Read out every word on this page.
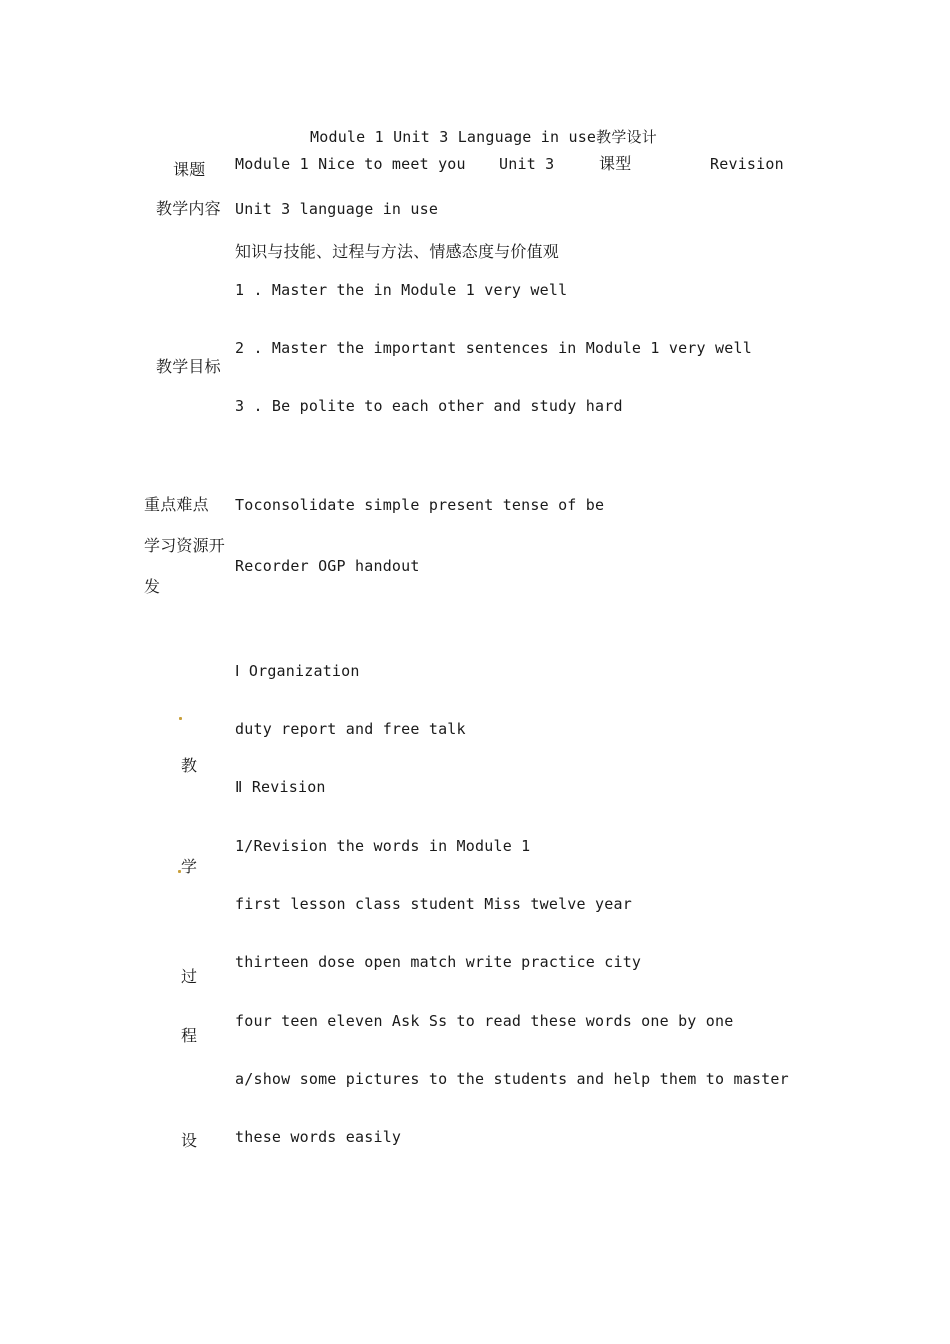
Module 1 Unit 3 Language in use教学设计
课题 Module 1 Nice to meet you Unit 3	课型	Revision
教学内容 Unit 3 language in use
知识与技能、过程与方法、情感态度与价值观
1 . Master the in Module 1 very well
2 . Master the important sentences in Module 1 very well
教学目标
3 . Be polite to each other and study hard
重点难点 Toconsolidate simple present tense of be
学习资源开
发
Recorder OGP handout
Ⅰ Organization
duty report and free talk
教
Ⅱ Revision
1/Revision the words in Module 1
学
first lesson class student Miss twelve year
thirteen dose open match write practice city
过
four teen eleven Ask Ss to read these words one by one
程
a/show some pictures to the students and help them to master
these words easily
设
